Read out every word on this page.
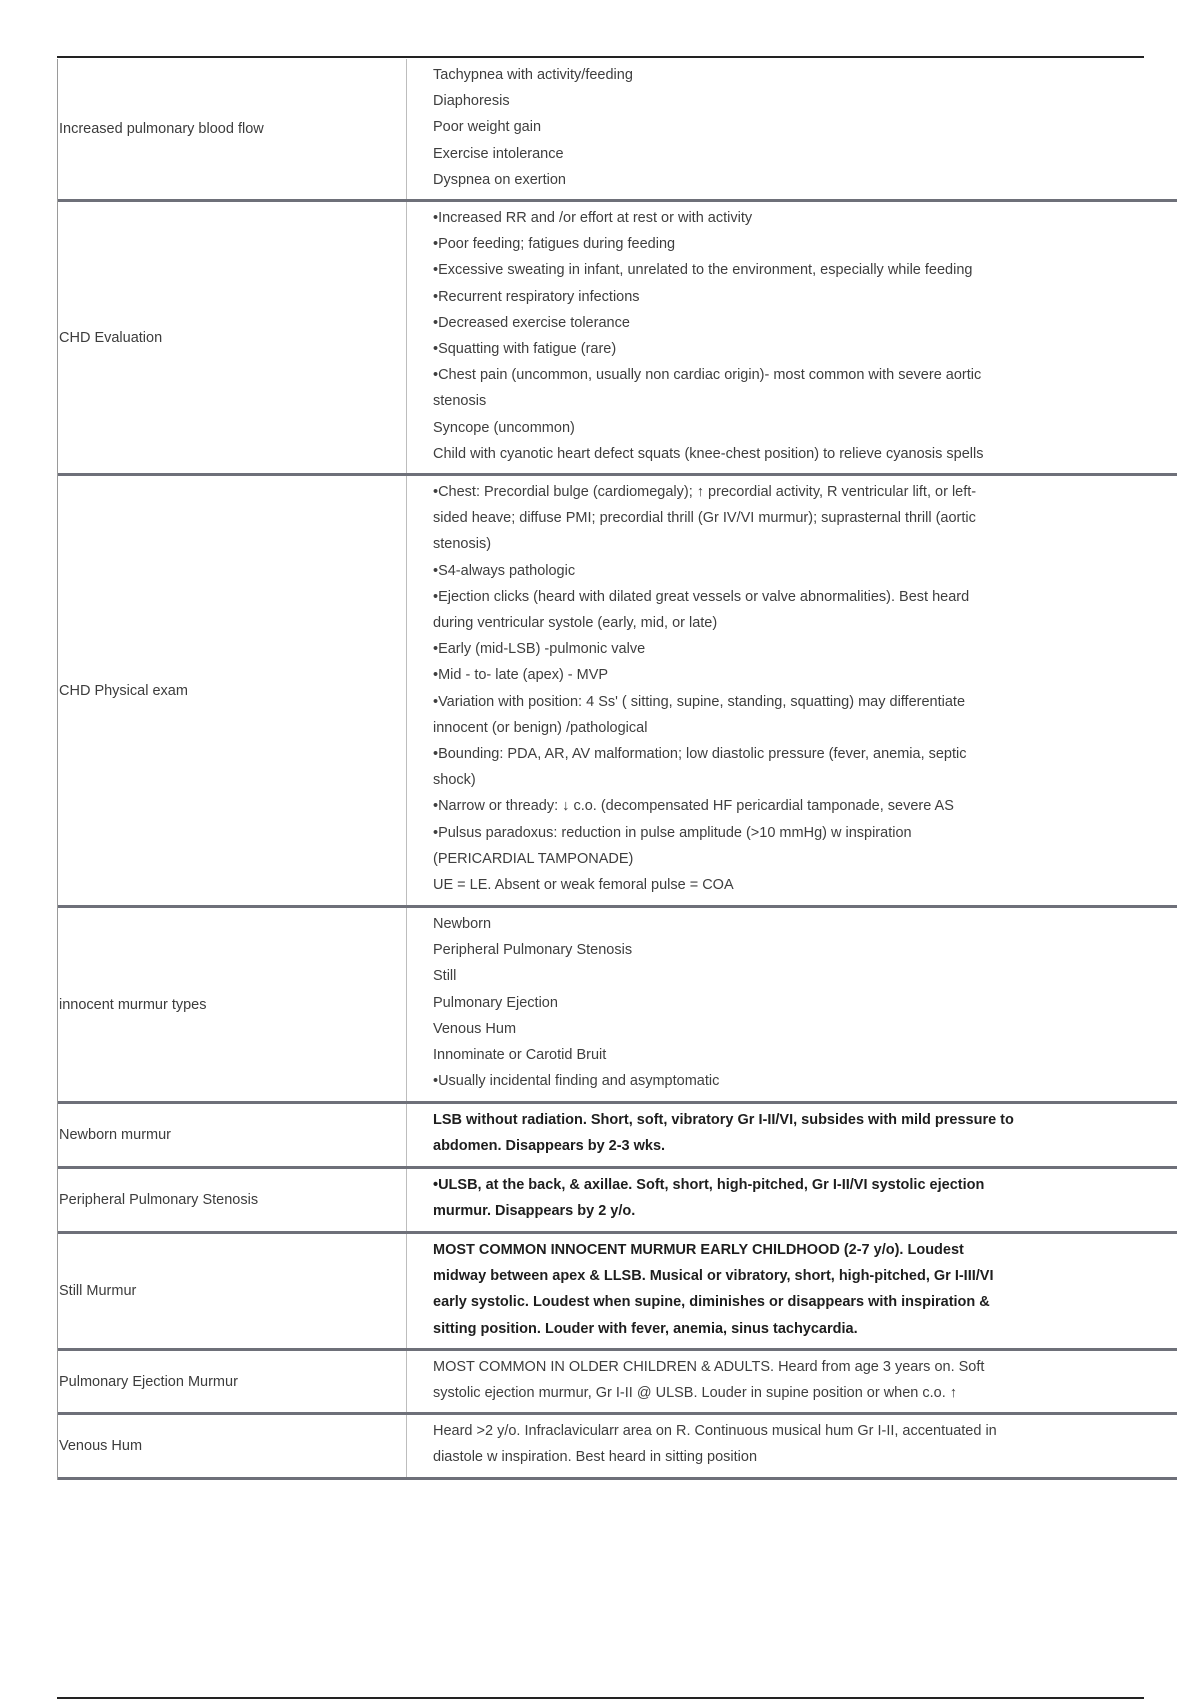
Increased pulmonary blood flow
Tachypnea with activity/feeding
Diaphoresis
Poor weight gain
Exercise intolerance
Dyspnea on exertion
CHD Evaluation
•Increased RR and /or effort at rest or with activity
•Poor feeding; fatigues during feeding
•Excessive sweating in infant, unrelated to the environment, especially while feeding
•Recurrent respiratory infections
•Decreased exercise tolerance
•Squatting with fatigue (rare)
•Chest pain (uncommon, usually non cardiac origin)- most common with severe aortic
stenosis
Syncope (uncommon)
Child with cyanotic heart defect squats (knee-chest position) to relieve cyanosis spells
CHD Physical exam
•Chest: Precordial bulge (cardiomegaly); ↑ precordial activity, R ventricular lift, or left-
sided heave; diffuse PMI; precordial thrill (Gr IV/VI murmur); suprasternal thrill (aortic
stenosis)
•S4-always pathologic
•Ejection clicks (heard with dilated great vessels or valve abnormalities). Best heard
during ventricular systole (early, mid, or late)
•Early (mid-LSB) -pulmonic valve
•Mid - to- late (apex) - MVP
•Variation with position: 4 Ss' ( sitting, supine, standing, squatting) may differentiate
innocent (or benign) /pathological
•Bounding: PDA, AR, AV malformation; low diastolic pressure (fever, anemia, septic
shock)
•Narrow or thready: ↓ c.o. (decompensated HF pericardial tamponade, severe AS
•Pulsus paradoxus: reduction in pulse amplitude (>10 mmHg) w inspiration
(PERICARDIAL TAMPONADE)
UE = LE. Absent or weak femoral pulse = COA
innocent murmur types
Newborn
Peripheral Pulmonary Stenosis
Still
Pulmonary Ejection
Venous Hum
Innominate or Carotid Bruit
•Usually incidental finding and asymptomatic
Newborn murmur
LSB without radiation. Short, soft, vibratory Gr I-II/VI, subsides with mild pressure to
abdomen. Disappears by 2-3 wks.
Peripheral Pulmonary Stenosis
•ULSB, at the back, & axillae. Soft, short, high-pitched, Gr I-II/VI systolic ejection
murmur. Disappears by 2 y/o.
Still Murmur
MOST COMMON INNOCENT MURMUR EARLY CHILDHOOD (2-7 y/o). Loudest
midway between apex & LLSB. Musical or vibratory, short, high-pitched, Gr I-III/VI
early systolic. Loudest when supine, diminishes or disappears with inspiration &
sitting position. Louder with fever, anemia, sinus tachycardia.
Pulmonary Ejection Murmur
MOST COMMON IN OLDER CHILDREN & ADULTS. Heard from age 3 years on. Soft
systolic ejection murmur, Gr I-II @ ULSB. Louder in supine position or when c.o. ↑
Venous Hum
Heard >2 y/o. Infraclavicularr area on R. Continuous musical hum Gr I-II, accentuated in
diastole w inspiration. Best heard in sitting position
